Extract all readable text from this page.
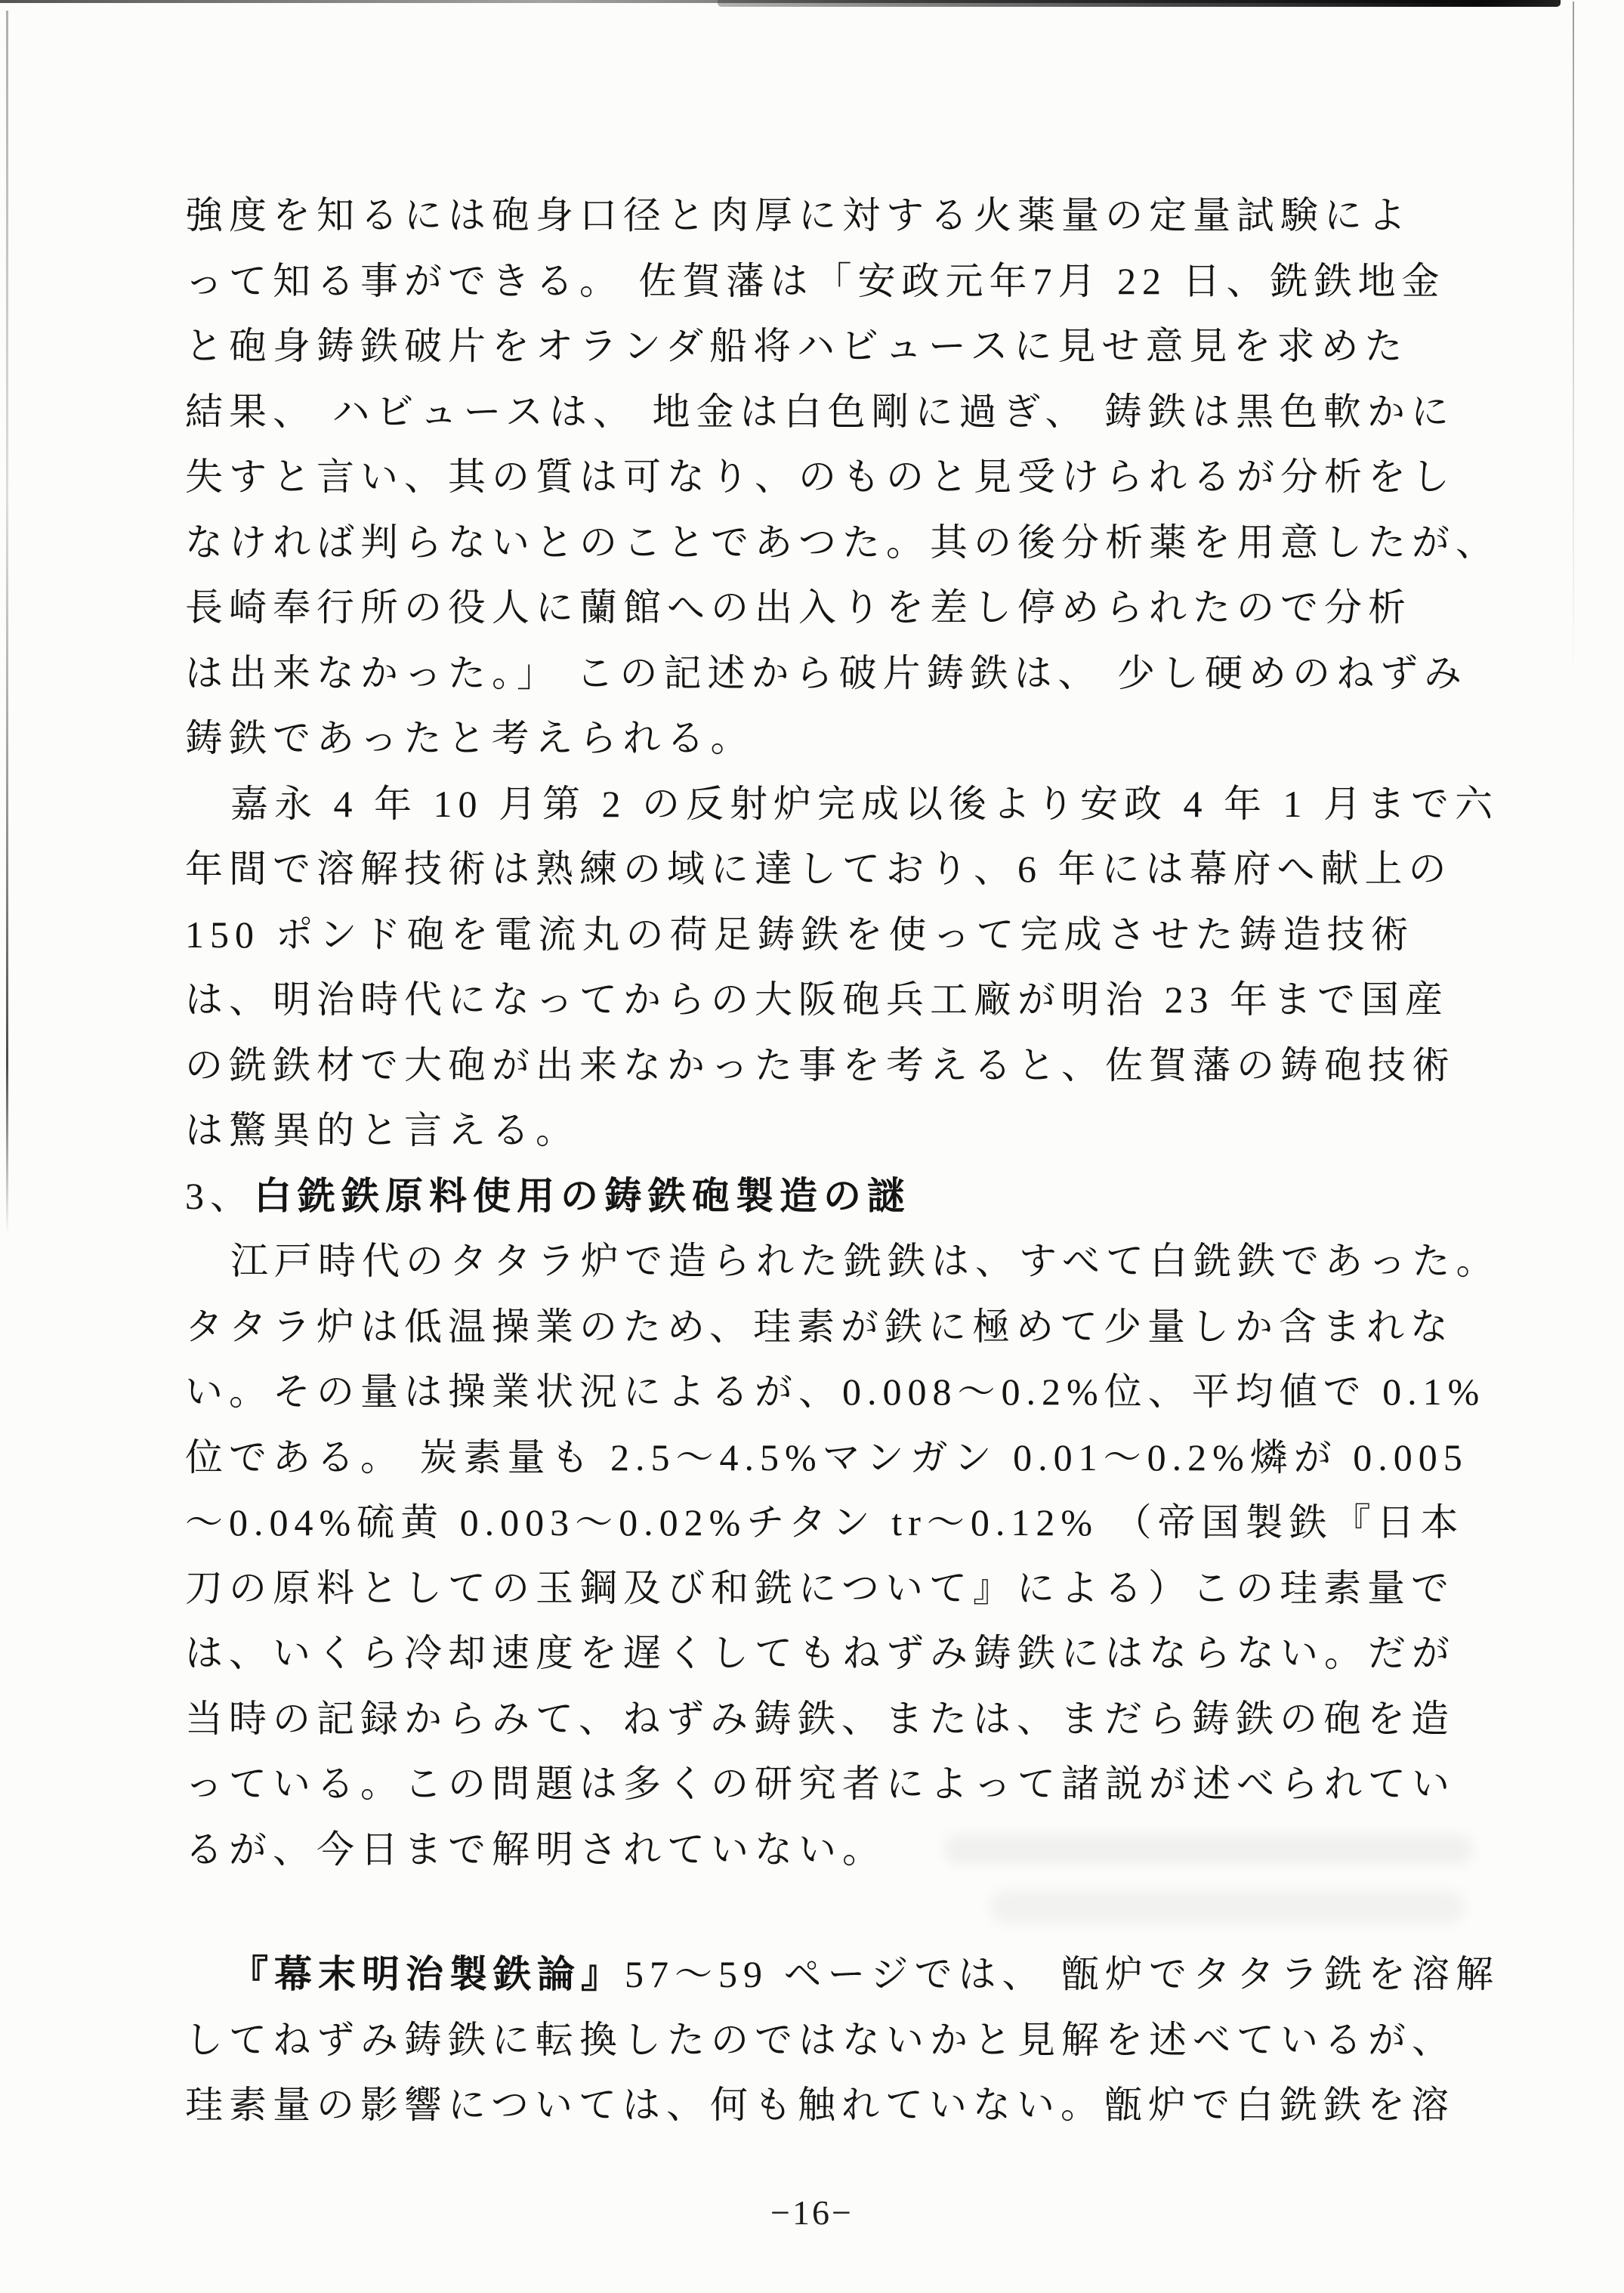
強度を知るには砲身口径と肉厚に対する火薬量の定量試験によ
って知る事ができる。 佐賀藩は「安政元年7月 22 日、銑鉄地金
と砲身鋳鉄破片をオランダ船将ハビュースに見せ意見を求めた
結果、 ハビュースは、 地金は白色剛に過ぎ、 鋳鉄は黒色軟かに
失すと言い、其の質は可なり、のものと見受けられるが分析をし
なければ判らないとのことであつた。其の後分析薬を用意したが、
長崎奉行所の役人に蘭館への出入りを差し停められたので分析
は出来なかった。」 この記述から破片鋳鉄は、 少し硬めのねずみ
鋳鉄であったと考えられる。
嘉永 4 年 10 月第 2 の反射炉完成以後より安政 4 年 1 月まで六
年間で溶解技術は熟練の域に達しており、6 年には幕府へ献上の
150 ポンド砲を電流丸の荷足鋳鉄を使って完成させた鋳造技術
は、明治時代になってからの大阪砲兵工廠が明治 23 年まで国産
の銑鉄材で大砲が出来なかった事を考えると、佐賀藩の鋳砲技術
は驚異的と言える。
3、白銑鉄原料使用の鋳鉄砲製造の謎
江戸時代のタタラ炉で造られた銑鉄は、すべて白銑鉄であった。
タタラ炉は低温操業のため、珪素が鉄に極めて少量しか含まれな
い。その量は操業状況によるが、0.008〜0.2%位、平均値で 0.1%
位である。 炭素量も 2.5〜4.5%マンガン 0.01〜0.2%燐が 0.005
〜0.04%硫黄 0.003〜0.02%チタン tr〜0.12% （帝国製鉄『日本
刀の原料としての玉鋼及び和銑について』による）この珪素量で
は、いくら冷却速度を遅くしてもねずみ鋳鉄にはならない。だが
当時の記録からみて、ねずみ鋳鉄、または、まだら鋳鉄の砲を造
っている。この問題は多くの研究者によって諸説が述べられてい
るが、今日まで解明されていない。
『幕末明治製鉄論』57〜59 ページでは、 甑炉でタタラ銑を溶解
してねずみ鋳鉄に転換したのではないかと見解を述べているが、
珪素量の影響については、何も触れていない。甑炉で白銑鉄を溶
−16−
